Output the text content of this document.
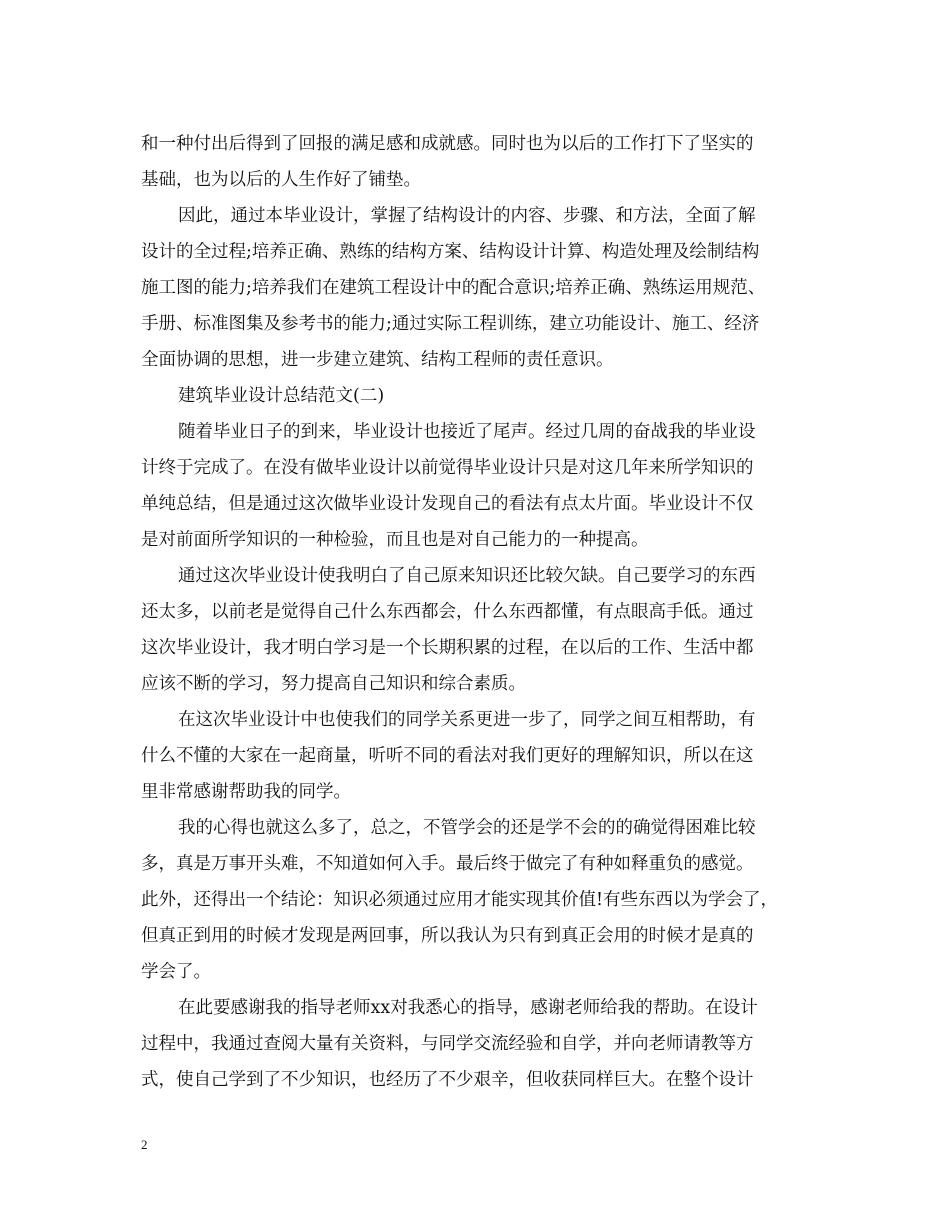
和一种付出后得到了回报的满足感和成就感。同时也为以后的工作打下了坚实的
基础，也为以后的人生作好了铺垫。
因此，通过本毕业设计，掌握了结构设计的内容、步骤、和方法，全面了解
设计的全过程;培养正确、熟练的结构方案、结构设计计算、构造处理及绘制结构
施工图的能力;培养我们在建筑工程设计中的配合意识;培养正确、熟练运用规范、
手册、标准图集及参考书的能力;通过实际工程训练，建立功能设计、施工、经济
全面协调的思想，进一步建立建筑、结构工程师的责任意识。
建筑毕业设计总结范文(二)
随着毕业日子的到来，毕业设计也接近了尾声。经过几周的奋战我的毕业设
计终于完成了。在没有做毕业设计以前觉得毕业设计只是对这几年来所学知识的
单纯总结，但是通过这次做毕业设计发现自己的看法有点太片面。毕业设计不仅
是对前面所学知识的一种检验，而且也是对自己能力的一种提高。
通过这次毕业设计使我明白了自己原来知识还比较欠缺。自己要学习的东西
还太多，以前老是觉得自己什么东西都会，什么东西都懂，有点眼高手低。通过
这次毕业设计，我才明白学习是一个长期积累的过程，在以后的工作、生活中都
应该不断的学习，努力提高自己知识和综合素质。
在这次毕业设计中也使我们的同学关系更进一步了，同学之间互相帮助，有
什么不懂的大家在一起商量，听听不同的看法对我们更好的理解知识，所以在这
里非常感谢帮助我的同学。
我的心得也就这么多了，总之，不管学会的还是学不会的的确觉得困难比较
多，真是万事开头难，不知道如何入手。最后终于做完了有种如释重负的感觉。
此外，还得出一个结论：知识必须通过应用才能实现其价值!有些东西以为学会了，
但真正到用的时候才发现是两回事，所以我认为只有到真正会用的时候才是真的
学会了。
在此要感谢我的指导老师xx对我悉心的指导，感谢老师给我的帮助。在设计
过程中，我通过查阅大量有关资料，与同学交流经验和自学，并向老师请教等方
式，使自己学到了不少知识，也经历了不少艰辛，但收获同样巨大。在整个设计
2
